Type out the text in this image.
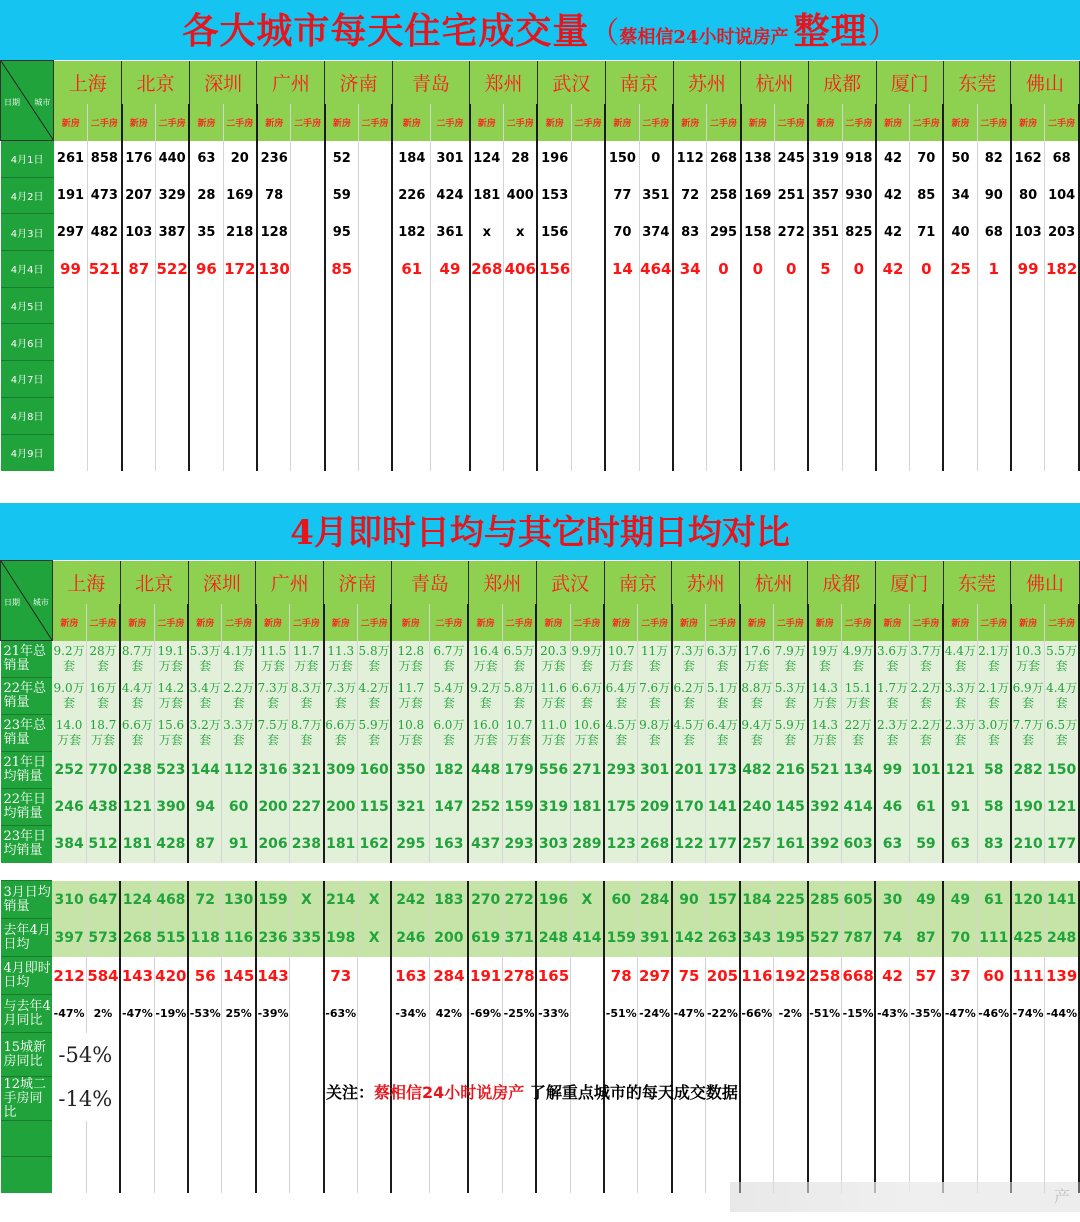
各大城市每天住宅成交量（蔡相信24小时说房产 整理）
日期 城市	上海		北京		深圳		广州		济南		青岛		郑州		武汉		南京		苏州		杭州		成都		厦门		东莞		佛山	
	新房	二手房	新房	二手房	新房	二手房	新房	二手房	新房	二手房	新房	二手房	新房	二手房	新房	二手房	新房	二手房	新房	二手房	新房	二手房	新房	二手房	新房	二手房	新房	二手房	新房	二手房
4月1日	261	858	176	440	63	20	236		52		184	301	124	28	196		150	0	112	268	138	245	319	918	42	70	50	82	162	68
4月2日	191	473	207	329	28	169	78		59		226	424	181	400	153		77	351	72	258	169	251	357	930	42	85	34	90	80	104
4月3日	297	482	103	387	35	218	128		95		182	361	x	x	156		70	374	83	295	158	272	351	825	42	71	40	68	103	203
4月4日	99	521	87	522	96	172	130		85		61	49	268	406	156		14	464	34	0	0	0	5	0	42	0	25	1	99	182
4月5日																														
4月6日																														
4月7日																														
4月8日																														
4月9日																														

4月即时日均与其它时期日均对比
日期 城市	上海		北京		深圳		广州		济南		青岛		郑州		武汉		南京		苏州		杭州		成都		厦门		东莞		佛山	
	新房	二手房	新房	二手房	新房	二手房	新房	二手房	新房	二手房	新房	二手房	新房	二手房	新房	二手房	新房	二手房	新房	二手房	新房	二手房	新房	二手房	新房	二手房	新房	二手房	新房	二手房
21年总销量	9.2万套	28万套	8.7万套	19.1万套	5.3万套	4.1万套	11.5万套	11.7万套	11.3万套	5.8万套	12.8万套	6.7万套	16.4万套	6.5万套	20.3万套	9.9万套	10.7万套	11万套	7.3万套	6.3万套	17.6万套	7.9万套	19万套	4.9万套	3.6万套	3.7万套	4.4万套	2.1万套	10.3万套	5.5万套
22年总销量	9.0万套	16万套	4.4万套	14.2万套	3.4万套	2.2万套	7.3万套	8.3万套	7.3万套	4.2万套	11.7万套	5.4万套	9.2万套	5.8万套	11.6万套	6.6万套	6.4万套	7.6万套	6.2万套	5.1万套	8.8万套	5.3万套	14.3万套	15.1万套	1.7万套	2.2万套	3.3万套	2.1万套	6.9万套	4.4万套
23年总销量	14.0万套	18.7万套	6.6万套	15.6万套	3.2万套	3.3万套	7.5万套	8.7万套	6.6万套	5.9万套	10.8万套	6.0万套	16.0万套	10.7万套	11.0万套	10.6万套	4.5万套	9.8万套	4.5万套	6.4万套	9.4万套	5.9万套	14.3万套	22万套	2.3万套	2.2万套	2.3万套	3.0万套	7.7万套	6.5万套
21年日均销量	252	770	238	523	144	112	316	321	309	160	350	182	448	179	556	271	293	301	201	173	482	216	521	134	99	101	121	58	282	150
22年日均销量	246	438	121	390	94	60	200	227	200	115	321	147	252	159	319	181	175	209	170	141	240	145	392	414	46	61	91	58	190	121
23年日均销量	384	512	181	428	87	91	206	238	181	162	295	163	437	293	303	289	123	268	122	177	257	161	392	603	63	59	63	83	210	177

3月日均销量	310	647	124	468	72	130	159	X	214	X	242	183	270	272	196	X	60	284	90	157	184	225	285	605	30	49	49	61	120	141
去年4月日均	397	573	268	515	118	116	236	335	198	X	246	200	619	371	248	414	159	391	142	263	343	195	527	787	74	87	70	111	425	248
4月即时日均	212	584	143	420	56	145	143		73		163	284	191	278	165		78	297	75	205	116	192	258	668	42	57	37	60	111	139
与去年4月同比	-47%	2%	-47%	-19%	-53%	25%	-39%		-63%		-34%	42%	-69%	-25%	-33%		-51%	-24%	-47%	-22%	-66%	-2%	-51%	-15%	-43%	-35%	-47%	-46%	-74%	-44%
15城新房同比	-54%																													
12城二手房同比	-14%																													

																															关注：蔡相信24小时说房产 了解重点城市的每天成交数据
产
